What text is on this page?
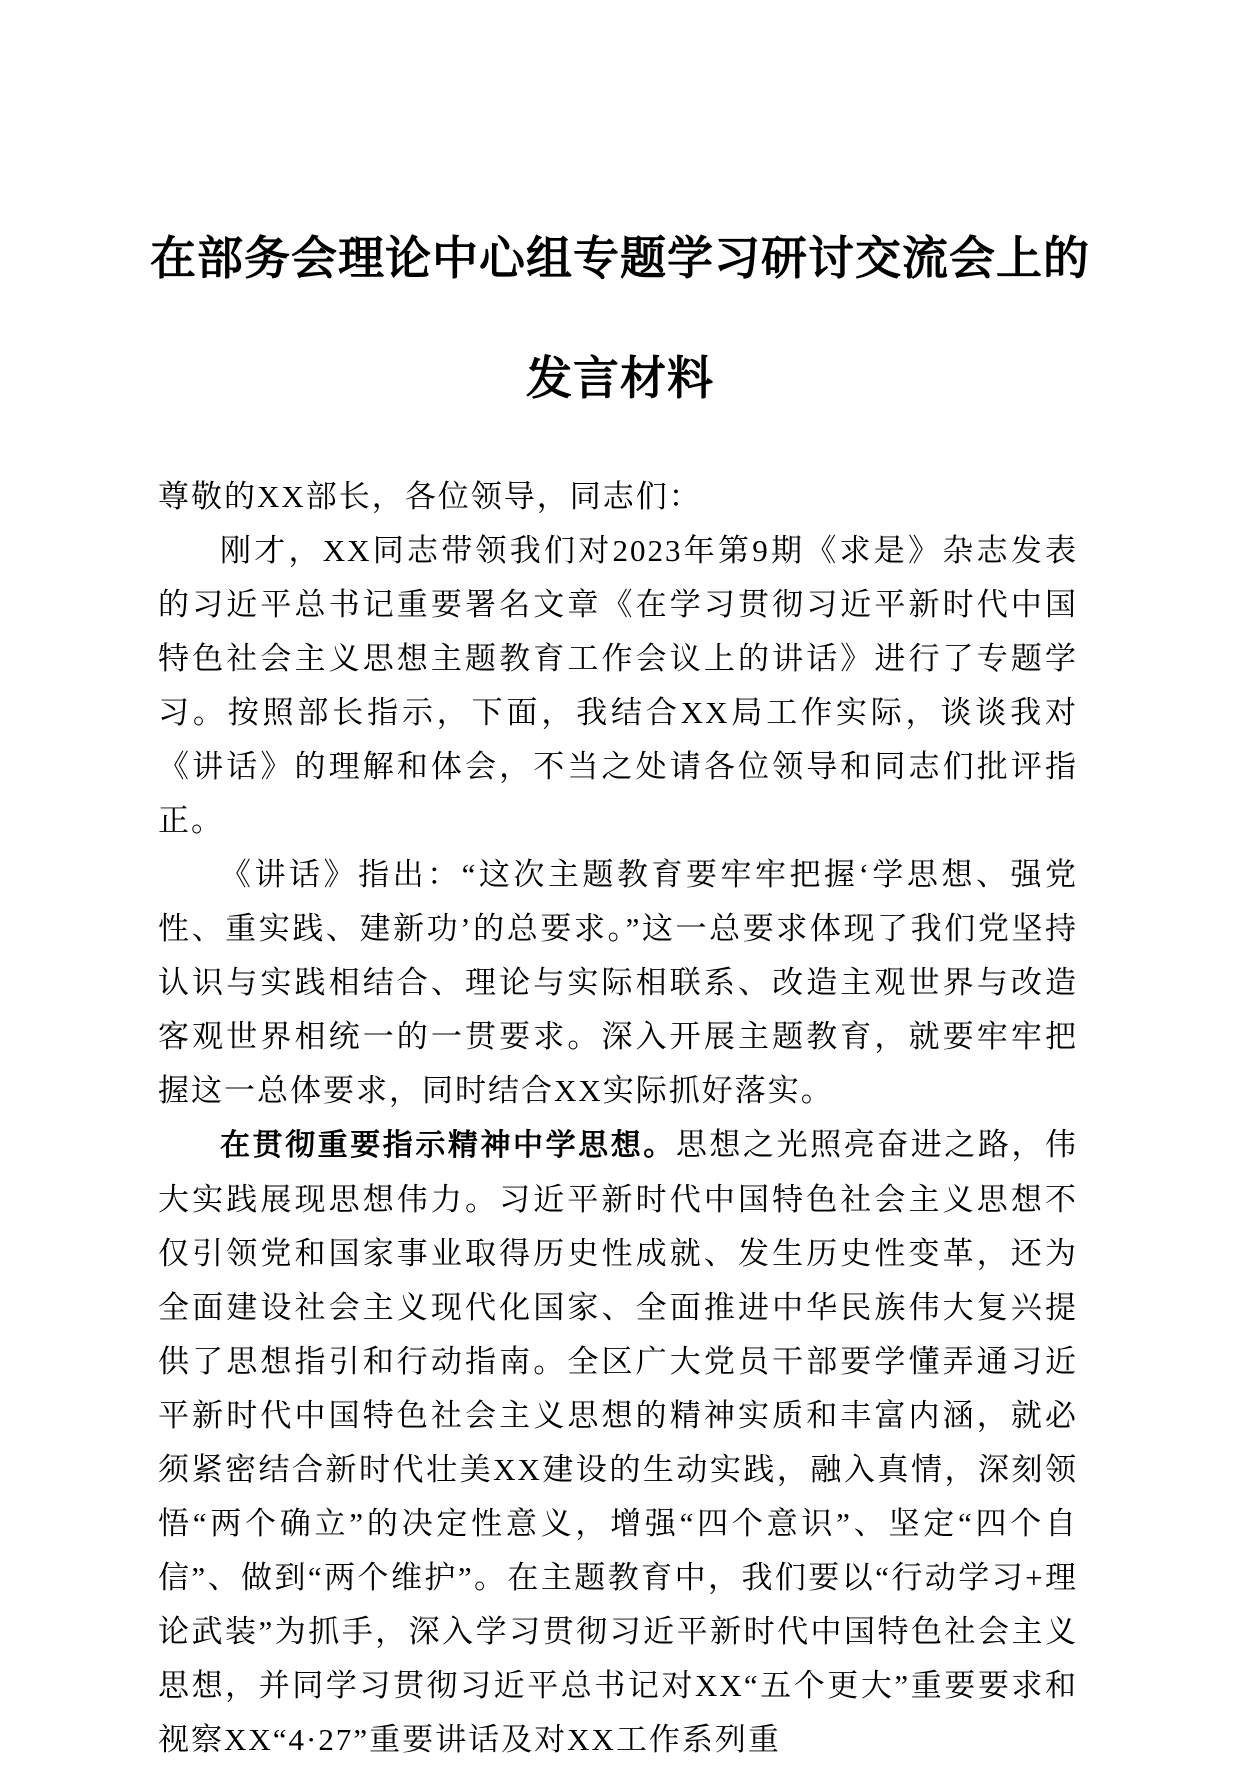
在部务会理论中心组专题学习研讨交流会上的
发言材料

尊敬的XX部长，各位领导，同志们：

刚才，XX同志带领我们对2023年第9期《求是》杂志发表的习近平总书记重要署名文章《在学习贯彻习近平新时代中国特色社会主义思想主题教育工作会议上的讲话》进行了专题学习。按照部长指示，下面，我结合XX局工作实际，谈谈我对《讲话》的理解和体会，不当之处请各位领导和同志们批评指正。

《讲话》指出：“这次主题教育要牢牢把握‘学思想、强党性、重实践、建新功’的总要求。”这一总要求体现了我们党坚持认识与实践相结合、理论与实际相联系、改造主观世界与改造客观世界相统一的一贯要求。深入开展主题教育，就要牢牢把握这一总体要求，同时结合XX实际抓好落实。

在贯彻重要指示精神中学思想。思想之光照亮奋进之路，伟大实践展现思想伟力。习近平新时代中国特色社会主义思想不仅引领党和国家事业取得历史性成就、发生历史性变革，还为全面建设社会主义现代化国家、全面推进中华民族伟大复兴提供了思想指引和行动指南。全区广大党员干部要学懂弄通习近平新时代中国特色社会主义思想的精神实质和丰富内涵，就必须紧密结合新时代壮美XX建设的生动实践，融入真情，深刻领悟“两个确立”的决定性意义，增强“四个意识”、坚定“四个自信”、做到“两个维护”。在主题教育中，我们要以“行动学习+理论武装”为抓手，深入学习贯彻习近平新时代中国特色社会主义思想，并同学习贯彻习近平总书记对XX“五个更大”重要要求和视察XX“4·27”重要讲话及对XX工作系列重
